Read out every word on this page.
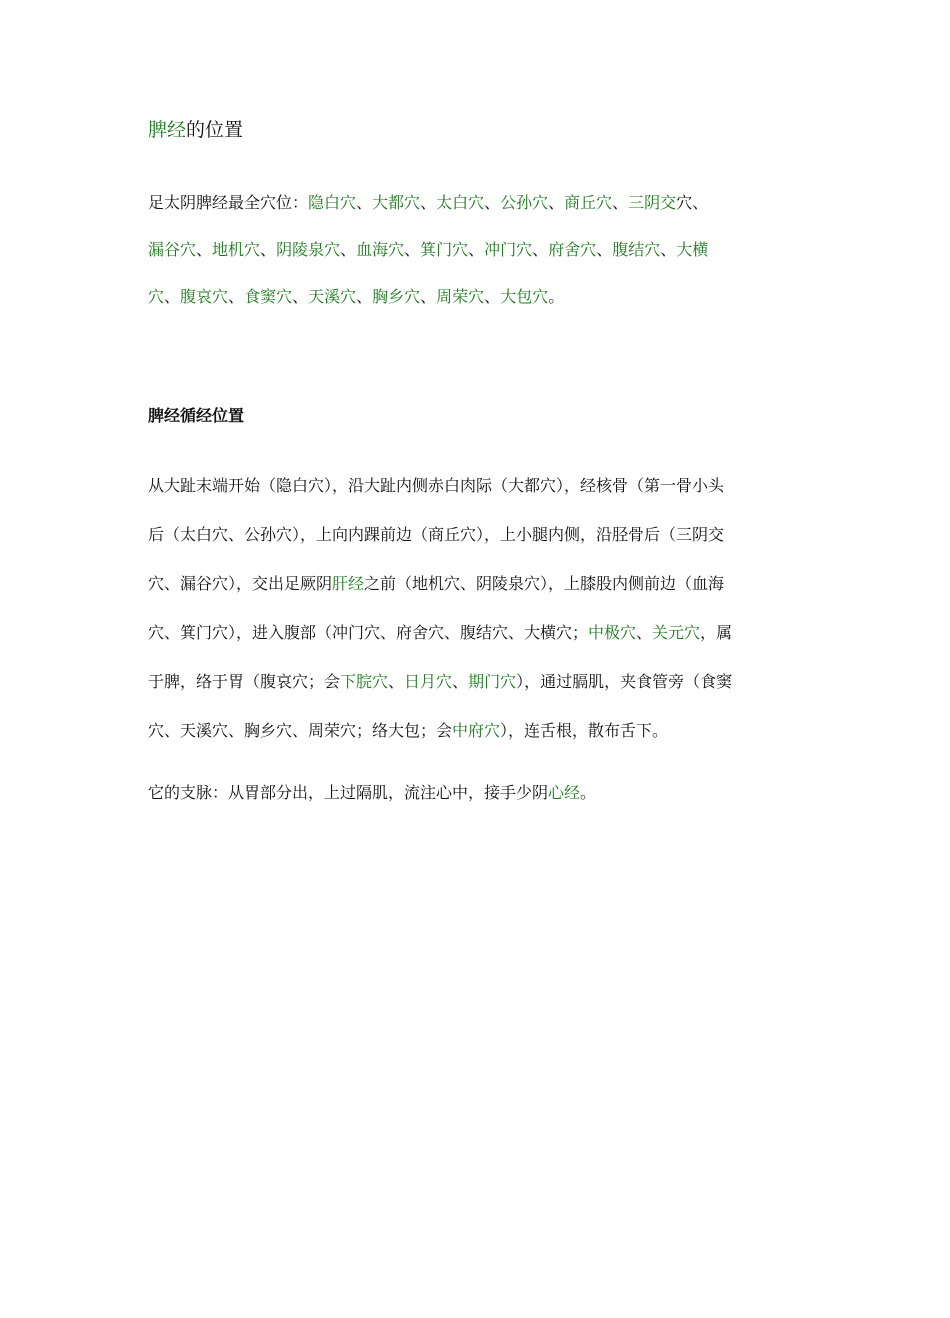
脾经的位置
足太阴脾经最全穴位：隐白穴、大都穴、太白穴、公孙穴、商丘穴、三阴交穴、
漏谷穴、地机穴、阴陵泉穴、血海穴、箕门穴、冲门穴、府舍穴、腹结穴、大横
穴、腹哀穴、食窦穴、天溪穴、胸乡穴、周荣穴、大包穴。
脾经循经位置
从大趾末端开始（隐白穴），沿大趾内侧赤白肉际（大都穴），经核骨（第一骨小头
后（太白穴、公孙穴），上向内踝前边（商丘穴），上小腿内侧，沿胫骨后（三阴交
穴、漏谷穴），交出足厥阴肝经之前（地机穴、阴陵泉穴），上膝股内侧前边（血海
穴、箕门穴），进入腹部（冲门穴、府舍穴、腹结穴、大横穴；中极穴、关元穴，属
于脾，络于胃（腹哀穴；会下脘穴、日月穴、期门穴），通过膈肌，夹食管旁（食窦
穴、天溪穴、胸乡穴、周荣穴；络大包；会中府穴），连舌根，散布舌下。
它的支脉：从胃部分出，上过隔肌，流注心中，接手少阴心经。
